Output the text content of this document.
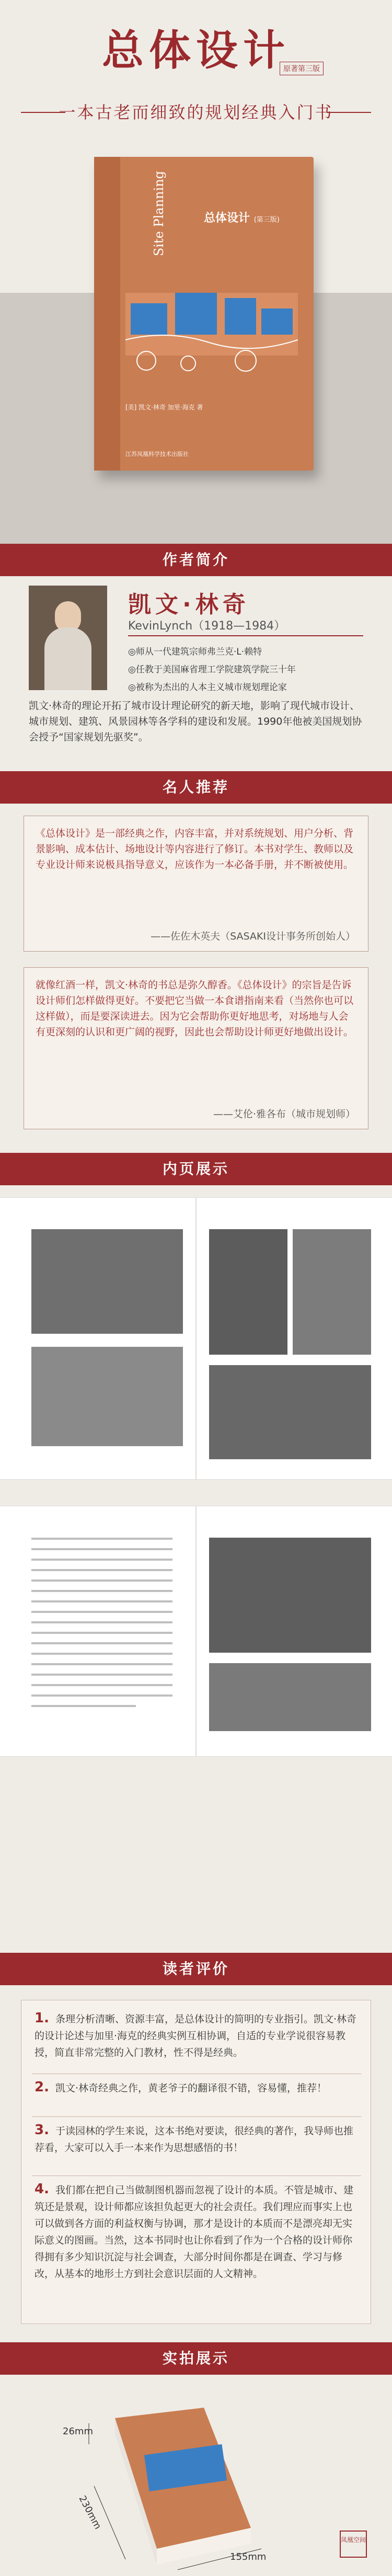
总体设计
原著第三版
一本古老而细致的规划经典入门书
Site Planning	总体设计 (第三版)
[美] 凯文·林奇 加里·海克 著
江苏凤凰科学技术出版社
作者简介
凯文·林奇
KevinLynch（1918—1984）
◎师从一代建筑宗师弗兰克·L·赖特
◎任教于美国麻省理工学院建筑学院三十年
◎被称为杰出的人本主义城市规划理论家
凯文·林奇的理论开拓了城市设计理论研究的新天地，影响了现代城市设计、城市规划、建筑、风景园林等各学科的建设和发展。1990年他被美国规划协会授予“国家规划先驱奖”。
名人推荐
《总体设计》是一部经典之作，内容丰富，并对系统规划、用户分析、背景影响、成本估计、场地设计等内容进行了修订。本书对学生、教师以及专业设计师来说极具指导意义，应该作为一本必备手册，并不断被使用。
——佐佐木英夫（SASAKI设计事务所创始人）
就像红酒一样，凯文·林奇的书总是弥久醇香。《总体设计》的宗旨是告诉设计师们怎样做得更好。不要把它当做一本食谱指南来看（当然你也可以这样做），而是要深读进去。因为它会帮助你更好地思考，对场地与人会有更深刻的认识和更广阔的视野，因此也会帮助设计师更好地做出设计。
——艾伦·雅各布（城市规划师）
内页展示
读者评价
1. 条理分析清晰、资源丰富，是总体设计的简明的专业指引。凯文·林奇的设计论述与加里·海克的经典实例互相协调，自适的专业学说很容易教授，简直非常完整的入门教材，性不得是经典。
2. 凯文·林奇经典之作，黄老爷子的翻译很不错，容易懂，推荐！
3. 于读园林的学生来说，这本书绝对要读，很经典的著作，我导师也推荐看，大家可以入手一本来作为思想感悟的书！
4. 我们都在把自己当做制图机器而忽视了设计的本质。不管是城市、建筑还是景观，设计师都应该担负起更大的社会责任。我们理应而事实上也可以做到各方面的利益权衡与协调，那才是设计的本质而不是漂亮却无实际意义的图画。当然，这本书同时也让你看到了作为一个合格的设计师你得拥有多少知识沉淀与社会调查，大部分时间你都是在调查、学习与修改，从基本的地形土方到社会意识层面的人文精神。
实拍展示
26mm
230mm
155mm
凤凰空间
